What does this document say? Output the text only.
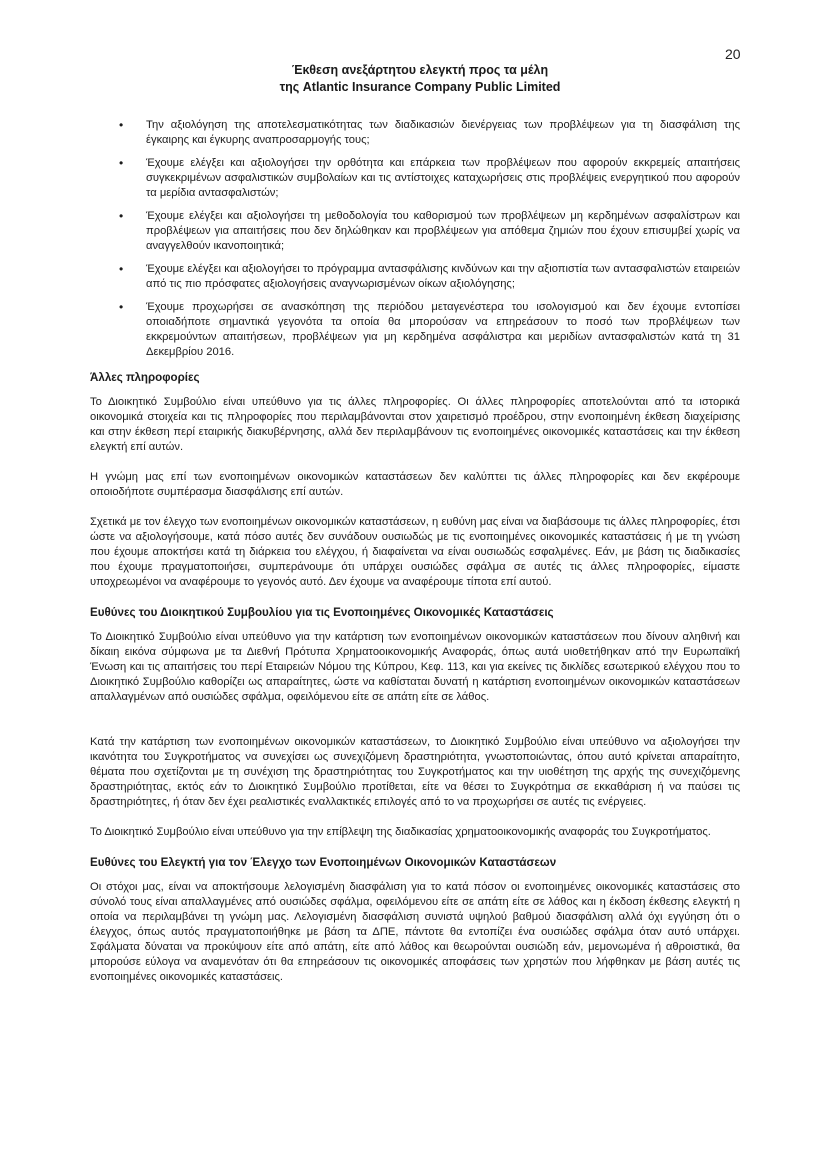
20
Έκθεση ανεξάρτητου ελεγκτή προς τα μέλη
της Atlantic Insurance Company Public Limited
• Την αξιολόγηση της αποτελεσματικότητας των διαδικασιών διενέργειας των προβλέψεων για τη διασφάλιση της έγκαιρης και έγκυρης αναπροσαρμογής τους;
• Έχουμε ελέγξει και αξιολογήσει την ορθότητα και επάρκεια των προβλέψεων που αφορούν εκκρεμείς απαιτήσεις συγκεκριμένων ασφαλιστικών συμβολαίων και τις αντίστοιχες καταχωρήσεις στις προβλέψεις ενεργητικού που αφορούν τα μερίδια αντασφαλιστών;
• Έχουμε ελέγξει και αξιολογήσει τη μεθοδολογία του καθορισμού των προβλέψεων μη κερδημένων ασφαλίστρων και προβλέψεων για απαιτήσεις που δεν δηλώθηκαν και προβλέψεων για απόθεμα ζημιών που έχουν επισυμβεί χωρίς να αναγγελθούν ικανοποιητικά;
• Έχουμε ελέγξει και αξιολογήσει το πρόγραμμα αντασφάλισης κινδύνων και την αξιοπιστία των αντασφαλιστών εταιρειών από τις πιο πρόσφατες αξιολογήσεις αναγνωρισμένων οίκων αξιολόγησης;
• Έχουμε προχωρήσει σε ανασκόπηση της περιόδου μεταγενέστερα του ισολογισμού και δεν έχουμε εντοπίσει οποιαδήποτε σημαντικά γεγονότα τα οποία θα μπορούσαν να επηρεάσουν το ποσό των προβλέψεων των εκκρεμούντων απαιτήσεων, προβλέψεων για μη κερδημένα ασφάλιστρα και μεριδίων αντασφαλιστών κατά τη 31 Δεκεμβρίου 2016.
Άλλες πληροφορίες

Το Διοικητικό Συμβούλιο είναι υπεύθυνο για τις άλλες πληροφορίες. Οι άλλες πληροφορίες αποτελούνται από τα ιστορικά οικονομικά στοιχεία και τις πληροφορίες που περιλαμβάνονται στον χαιρετισμό προέδρου, στην ενοποιημένη έκθεση διαχείρισης και στην έκθεση περί εταιρικής διακυβέρνησης, αλλά δεν περιλαμβάνουν τις ενοποιημένες οικονομικές καταστάσεις και την έκθεση ελεγκτή επί αυτών.

Η γνώμη μας επί των ενοποιημένων οικονομικών καταστάσεων δεν καλύπτει τις άλλες πληροφορίες και δεν εκφέρουμε οποιοδήποτε συμπέρασμα διασφάλισης επί αυτών.

Σχετικά με τον έλεγχο των ενοποιημένων οικονομικών καταστάσεων, η ευθύνη μας είναι να διαβάσουμε τις άλλες πληροφορίες, έτσι ώστε να αξιολογήσουμε, κατά πόσο αυτές δεν συνάδουν ουσιωδώς με τις ενοποιημένες οικονομικές καταστάσεις ή με τη γνώση που έχουμε αποκτήσει κατά τη διάρκεια του ελέγχου, ή διαφαίνεται να είναι ουσιωδώς εσφαλμένες. Εάν, με βάση τις διαδικασίες που έχουμε πραγματοποιήσει, συμπεράνουμε ότι υπάρχει ουσιώδες σφάλμα σε αυτές τις άλλες πληροφορίες, είμαστε υποχρεωμένοι να αναφέρουμε το γεγονός αυτό. Δεν έχουμε να αναφέρουμε τίποτα επί αυτού.

Ευθύνες του Διοικητικού Συμβουλίου για τις Ενοποιημένες Οικονομικές Καταστάσεις

Το Διοικητικό Συμβούλιο είναι υπεύθυνο για την κατάρτιση των ενοποιημένων οικονομικών καταστάσεων που δίνουν αληθινή και δίκαιη εικόνα σύμφωνα με τα Διεθνή Πρότυπα Χρηματοοικονομικής Αναφοράς, όπως αυτά υιοθετήθηκαν από την Ευρωπαϊκή Ένωση και τις απαιτήσεις του περί Εταιρειών Νόμου της Κύπρου, Κεφ. 113, και για εκείνες τις δικλίδες εσωτερικού ελέγχου που το Διοικητικό Συμβούλιο καθορίζει ως απαραίτητες, ώστε να καθίσταται δυνατή η κατάρτιση ενοποιημένων οικονομικών καταστάσεων απαλλαγμένων από ουσιώδες σφάλμα, οφειλόμενου είτε σε απάτη είτε σε λάθος.

Κατά την κατάρτιση των ενοποιημένων οικονομικών καταστάσεων, το Διοικητικό Συμβούλιο είναι υπεύθυνο να αξιολογήσει την ικανότητα του Συγκροτήματος να συνεχίσει ως συνεχιζόμενη δραστηριότητα, γνωστοποιώντας, όπου αυτό κρίνεται απαραίτητο, θέματα που σχετίζονται με τη συνέχιση της δραστηριότητας του Συγκροτήματος και την υιοθέτηση της αρχής της συνεχιζόμενης δραστηριότητας, εκτός εάν το Διοικητικό Συμβούλιο προτίθεται, είτε να θέσει το Συγκρότημα σε εκκαθάριση ή να παύσει τις δραστηριότητες, ή όταν δεν έχει ρεαλιστικές εναλλακτικές επιλογές από το να προχωρήσει σε αυτές τις ενέργειες.

Το Διοικητικό Συμβούλιο είναι υπεύθυνο για την επίβλεψη της διαδικασίας χρηματοοικονομικής αναφοράς του Συγκροτήματος.

Ευθύνες του Ελεγκτή για τον Έλεγχο των Ενοποιημένων Οικονομικών Καταστάσεων

Οι στόχοι μας, είναι να αποκτήσουμε λελογισμένη διασφάλιση για το κατά πόσον οι ενοποιημένες οικονομικές καταστάσεις στο σύνολό τους είναι απαλλαγμένες από ουσιώδες σφάλμα, οφειλόμενου είτε σε απάτη είτε σε λάθος και η έκδοση έκθεσης ελεγκτή η οποία να περιλαμβάνει τη γνώμη μας. Λελογισμένη διασφάλιση συνιστά υψηλού βαθμού διασφάλιση αλλά όχι εγγύηση ότι ο έλεγχος, όπως αυτός πραγματοποιήθηκε με βάση τα ΔΠΕ, πάντοτε θα εντοπίζει ένα ουσιώδες σφάλμα όταν αυτό υπάρχει. Σφάλματα δύναται να προκύψουν είτε από απάτη, είτε από λάθος και θεωρούνται ουσιώδη εάν, μεμονωμένα ή αθροιστικά, θα μπορούσε εύλογα να αναμενόταν ότι θα επηρεάσουν τις οικονομικές αποφάσεις των χρηστών που λήφθηκαν με βάση αυτές τις ενοποιημένες οικονομικές καταστάσεις.
